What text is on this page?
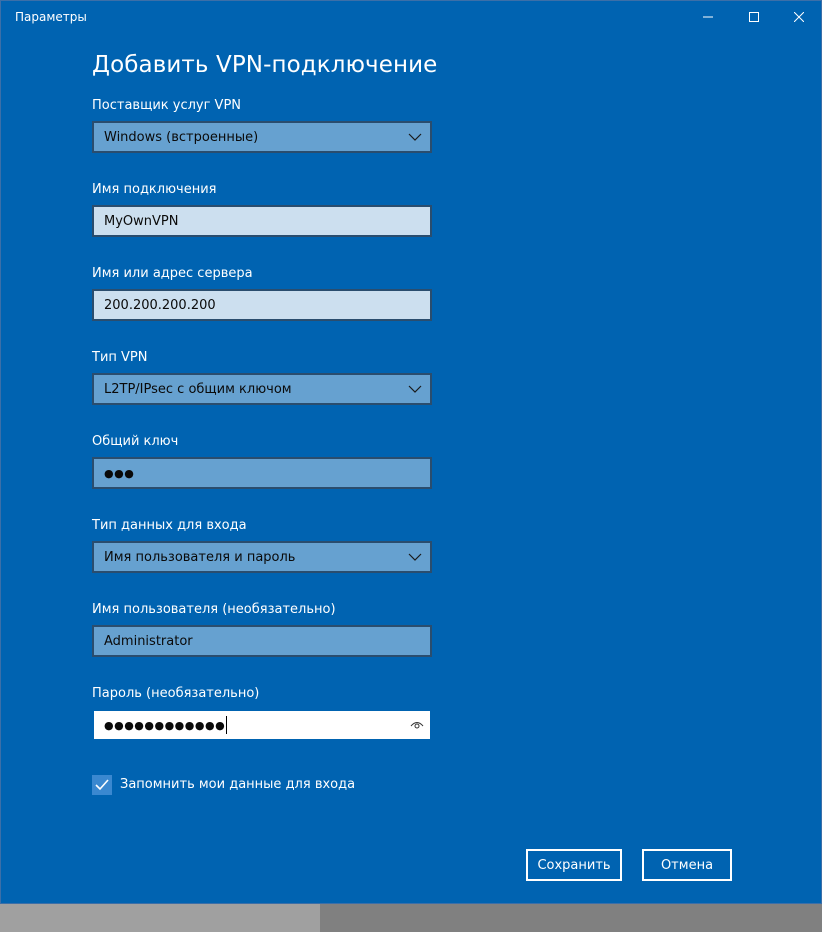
Параметры
Добавить VPN-подключение
Поставщик услуг VPN
Windows (встроенные)
Имя подключения
MyOwnVPN
Имя или адрес сервера
200.200.200.200
Тип VPN
L2TP/IPsec с общим ключом
Общий ключ
●●●
Тип данных для входа
Имя пользователя и пароль
Имя пользователя (необязательно)
Administrator
Пароль (необязательно)
●●●●●●●●●●●●
Запомнить мои данные для входа
Сохранить	Отмена
